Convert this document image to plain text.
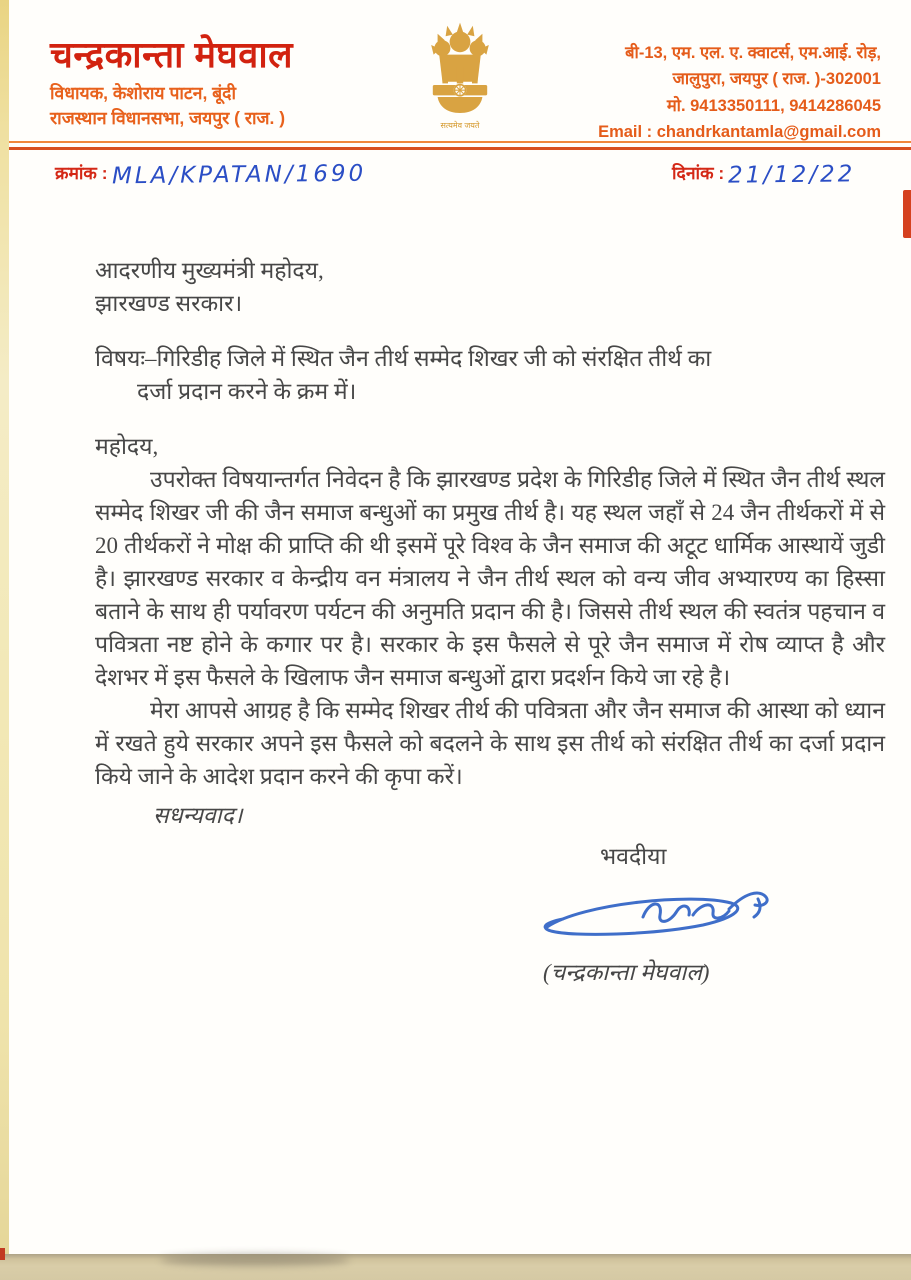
चन्द्रकान्ता मेघवाल
विधायक, केशोराय पाटन, बूंदी
राजस्थान विधानसभा, जयपुर ( राज. )	सत्यमेव जयते
बी-13, एम. एल. ए. क्वाटर्स, एम.आई. रोड़,
जालुपुरा, जयपुर ( राज. )-302001
मो. 9413350111, 9414286045
Email : chandrkantamla@gmail.com
क्रमांक : MLA/KPATAN/1690	दिनांक : 21/12/22
आदरणीय मुख्यमंत्री महोदय,
झारखण्ड सरकार।
विषयः–गिरिडीह जिले में स्थित जैन तीर्थ सम्मेद शिखर जी को संरक्षित तीर्थ का
दर्जा प्रदान करने के क्रम में।
महोदय,

उपरोक्त विषयान्तर्गत निवेदन है कि झारखण्ड प्रदेश के गिरिडीह जिले में स्थित जैन तीर्थ स्थल सम्मेद शिखर जी की जैन समाज बन्धुओं का प्रमुख तीर्थ है। यह स्थल जहाँ से 24 जैन तीर्थकरों में से 20 तीर्थकरों ने मोक्ष की प्राप्ति की थी इसमें पूरे विश्व के जैन समाज की अटूट धार्मिक आस्थायें जुडी है। झारखण्ड सरकार व केन्द्रीय वन मंत्रालय ने जैन तीर्थ स्थल को वन्य जीव अभ्यारण्य का हिस्सा बताने के साथ ही पर्यावरण पर्यटन की अनुमति प्रदान की है। जिससे तीर्थ स्थल की स्वतंत्र पहचान व पवित्रता नष्ट होने के कगार पर है। सरकार के इस फैसले से पूरे जैन समाज में रोष व्याप्त है और देशभर में इस फैसले के खिलाफ जैन समाज बन्धुओं द्वारा प्रदर्शन किये जा रहे है।

मेरा आपसे आग्रह है कि सम्मेद शिखर तीर्थ की पवित्रता और जैन समाज की आस्था को ध्यान में रखते हुये सरकार अपने इस फैसले को बदलने के साथ इस तीर्थ को संरक्षित तीर्थ का दर्जा प्रदान किये जाने के आदेश प्रदान करने की कृपा करें।

सधन्यवाद।
भवदीया
(चन्द्रकान्ता मेघवाल)
